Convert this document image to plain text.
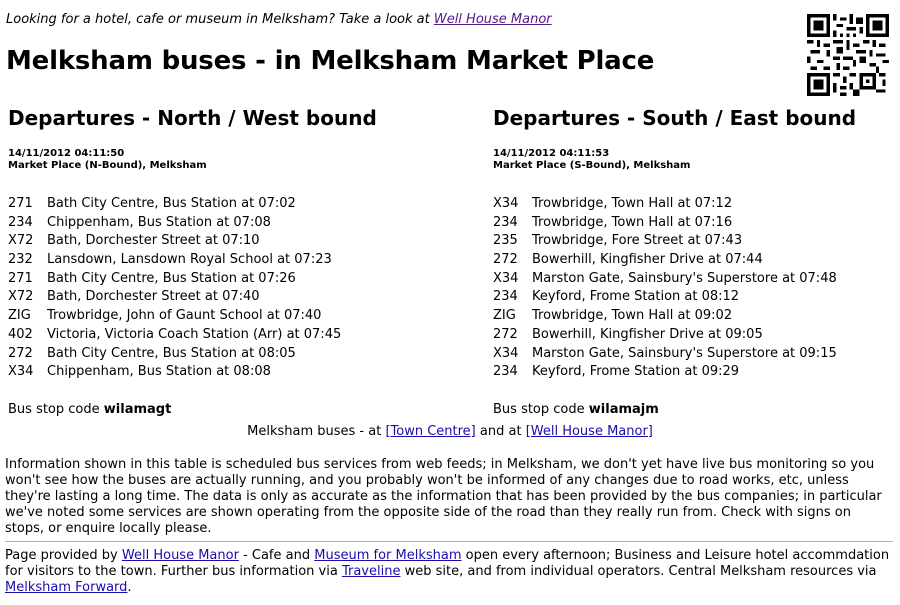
Looking for a hotel, cafe or museum in Melksham? Take a look at Well House Manor
Melksham buses - in Melksham Market Place
Departures - North / West bound
14/11/2012 04:11:50
Market Place (N-Bound), Melksham
271 Bath City Centre, Bus Station at 07:02
234 Chippenham, Bus Station at 07:08
X72 Bath, Dorchester Street at 07:10
232 Lansdown, Lansdown Royal School at 07:23
271 Bath City Centre, Bus Station at 07:26
X72 Bath, Dorchester Street at 07:40
ZIG Trowbridge, John of Gaunt School at 07:40
402 Victoria, Victoria Coach Station (Arr) at 07:45
272 Bath City Centre, Bus Station at 08:05
X34 Chippenham, Bus Station at 08:08
Bus stop code wilamagt
Departures - South / East bound
14/11/2012 04:11:53
Market Place (S-Bound), Melksham
X34 Trowbridge, Town Hall at 07:12
234 Trowbridge, Town Hall at 07:16
235 Trowbridge, Fore Street at 07:43
272 Bowerhill, Kingfisher Drive at 07:44
X34 Marston Gate, Sainsbury's Superstore at 07:48
234 Keyford, Frome Station at 08:12
ZIG Trowbridge, Town Hall at 09:02
272 Bowerhill, Kingfisher Drive at 09:05
X34 Marston Gate, Sainsbury's Superstore at 09:15
234 Keyford, Frome Station at 09:29
Bus stop code wilamajm
Melksham buses - at [Town Centre] and at [Well House Manor]

Information shown in this table is scheduled bus services from web feeds; in Melksham, we don't yet have live bus monitoring so you won't see how the buses are actually running, and you probably won't be informed of any changes due to road works, etc, unless they're lasting a long time. The data is only as accurate as the information that has been provided by the bus companies; in particular we've noted some services are shown operating from the opposite side of the road than they really run from. Check with signs on stops, or enquire locally please.

Page provided by Well House Manor - Cafe and Museum for Melksham open every afternoon; Business and Leisure hotel accommdation for visitors to the town. Further bus information via Traveline web site, and from individual operators. Central Melksham resources via Melksham Forward.
